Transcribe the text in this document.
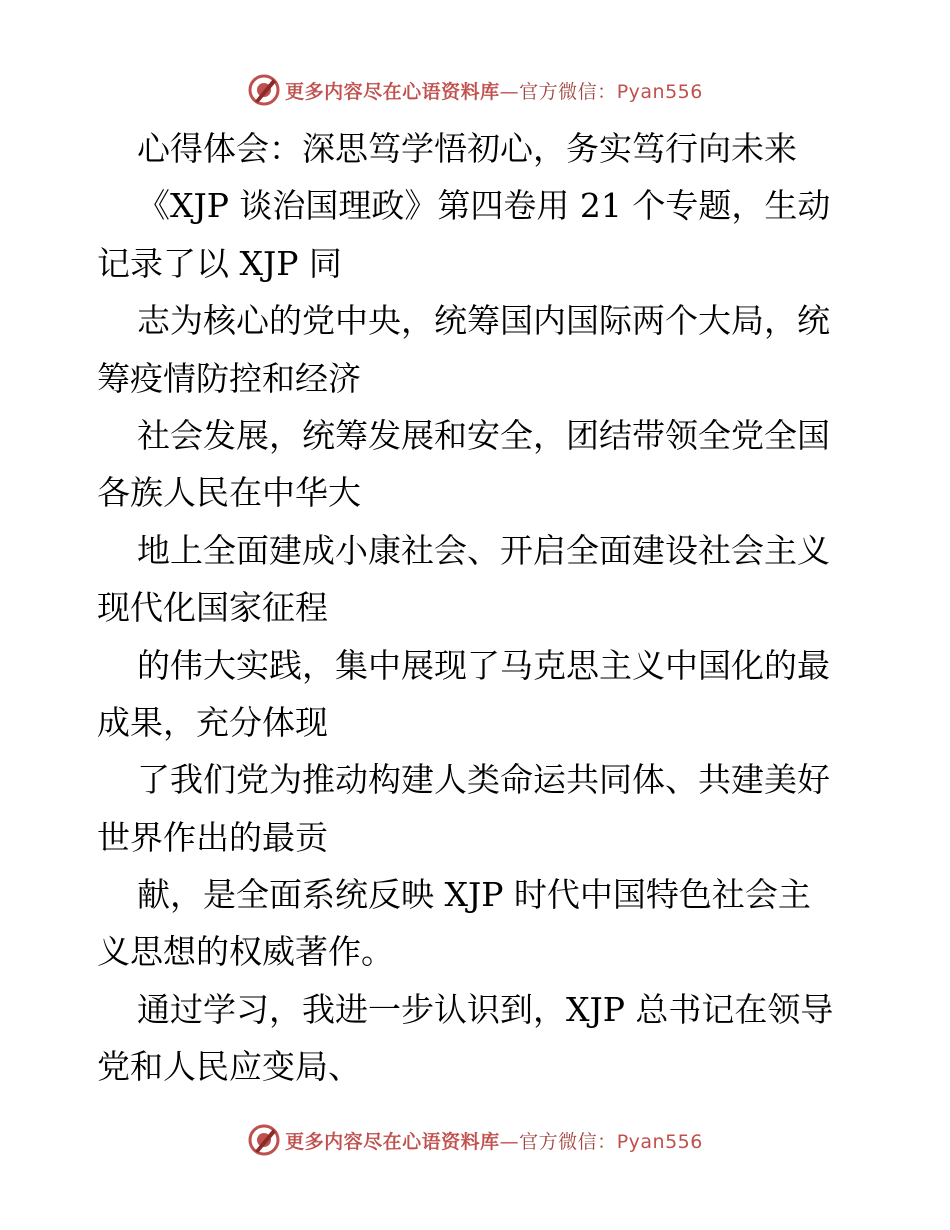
更多内容尽在心语资料库—官方微信：Pyan556
心得体会：深思笃学悟初心，务实笃行向未来
《XJP 谈治国理政》第四卷用 21 个专题，生动
记录了以 XJP 同
志为核心的党中央，统筹国内国际两个大局，统
筹疫情防控和经济
社会发展，统筹发展和安全，团结带领全党全国
各族人民在中华大
地上全面建成小康社会、开启全面建设社会主义
现代化国家征程
的伟大实践，集中展现了马克思主义中国化的最
成果，充分体现
了我们党为推动构建人类命运共同体、共建美好
世界作出的最贡
献，是全面系统反映 XJP 时代中国特色社会主
义思想的权威著作。
通过学习，我进一步认识到，XJP 总书记在领导
党和人民应变局、
更多内容尽在心语资料库—官方微信：Pyan556
